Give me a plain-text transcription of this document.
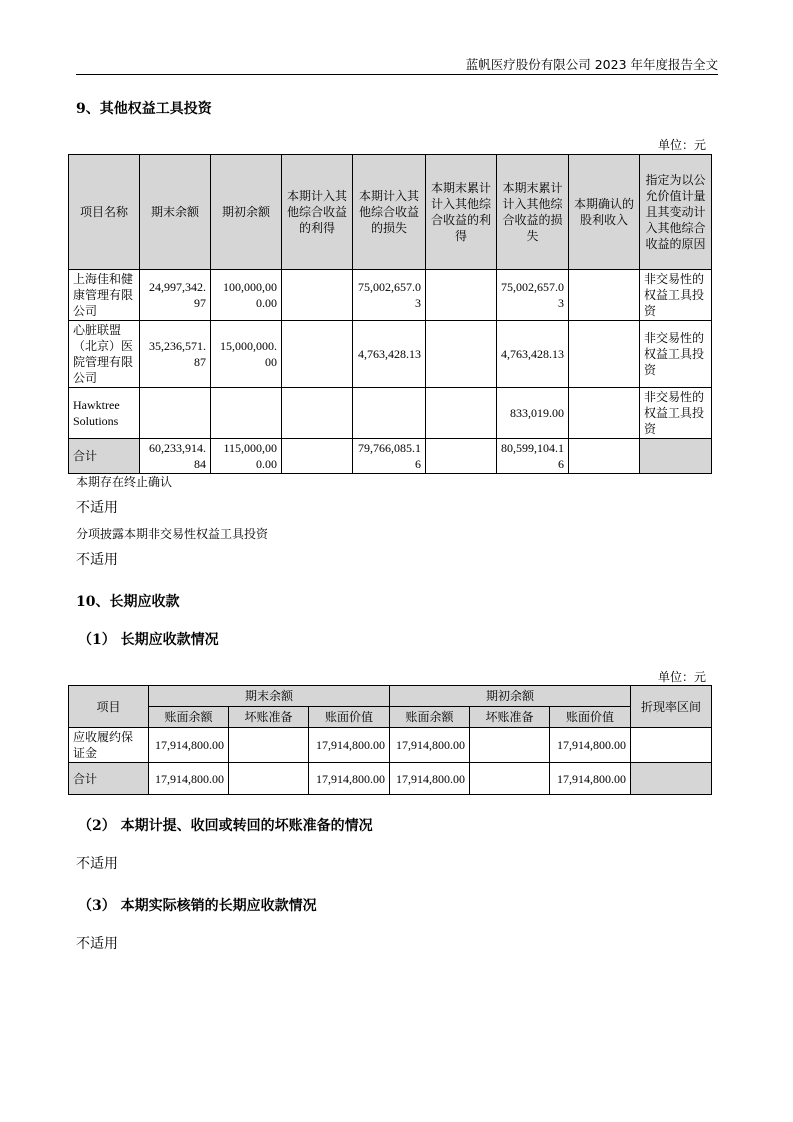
蓝帆医疗股份有限公司 2023 年年度报告全文
9、其他权益工具投资
单位：元
项目名称	期末余额	期初余额	本期计入其他综合收益的利得	本期计入其他综合收益的损失	本期末累计计入其他综合收益的利得	本期末累计计入其他综合收益的损失	本期确认的股利收入	指定为以公允价值计量且其变动计入其他综合收益的原因
上海佳和健康管理有限公司	24,997,342.97	100,000,000.00		75,002,657.03		75,002,657.03		非交易性的权益工具投资
心脏联盟（北京）医院管理有限公司	35,236,571.87	15,000,000.00		4,763,428.13		4,763,428.13		非交易性的权益工具投资
Hawktree Solutions						833,019.00		非交易性的权益工具投资
合计	60,233,914.84	115,000,000.00		79,766,085.16		80,599,104.16		
本期存在终止确认
不适用
分项披露本期非交易性权益工具投资
不适用
10、长期应收款
（1） 长期应收款情况
单位：元
项目	期末余额			期初余额			折现率区间
	账面余额	坏账准备	账面价值	账面余额	坏账准备	账面价值	
应收履约保证金	17,914,800.00		17,914,800.00	17,914,800.00		17,914,800.00	
合计	17,914,800.00		17,914,800.00	17,914,800.00		17,914,800.00	
（2） 本期计提、收回或转回的坏账准备的情况
不适用
（3） 本期实际核销的长期应收款情况
不适用
